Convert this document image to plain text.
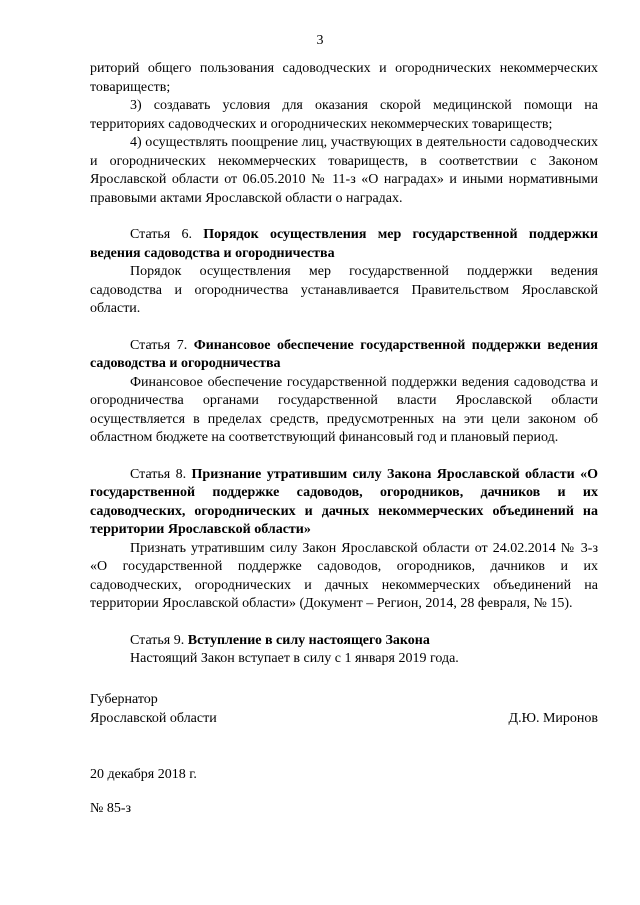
3

риторий общего пользования садоводческих и огороднических некоммерческих товариществ;

3) создавать условия для оказания скорой медицинской помощи на территориях садоводческих и огороднических некоммерческих товариществ;

4) осуществлять поощрение лиц, участвующих в деятельности садоводческих и огороднических некоммерческих товариществ, в соответствии с Законом Ярославской области от 06.05.2010 № 11-з «О наградах» и иными нормативными правовыми актами Ярославской области о наградах.

Статья 6. Порядок осуществления мер государственной поддержки ведения садоводства и огородничества

Порядок осуществления мер государственной поддержки ведения садоводства и огородничества устанавливается Правительством Ярославской области.

Статья 7. Финансовое обеспечение государственной поддержки ведения садоводства и огородничества

Финансовое обеспечение государственной поддержки ведения садоводства и огородничества органами государственной власти Ярославской области осуществляется в пределах средств, предусмотренных на эти цели законом об областном бюджете на соответствующий финансовый год и плановый период.

Статья 8. Признание утратившим силу Закона Ярославской области «О государственной поддержке садоводов, огородников, дачников и их садоводческих, огороднических и дачных некоммерческих объединений на территории Ярославской области»

Признать утратившим силу Закон Ярославской области от 24.02.2014 № 3-з «О государственной поддержке садоводов, огородников, дачников и их садоводческих, огороднических и дачных некоммерческих объединений на территории Ярославской области» (Документ – Регион, 2014, 28 февраля, № 15).

Статья 9. Вступление в силу настоящего Закона

Настоящий Закон вступает в силу с 1 января 2019 года.

Губернатор
Ярославской области	Д.Ю. Миронов
20 декабря 2018 г.
№ 85-з
